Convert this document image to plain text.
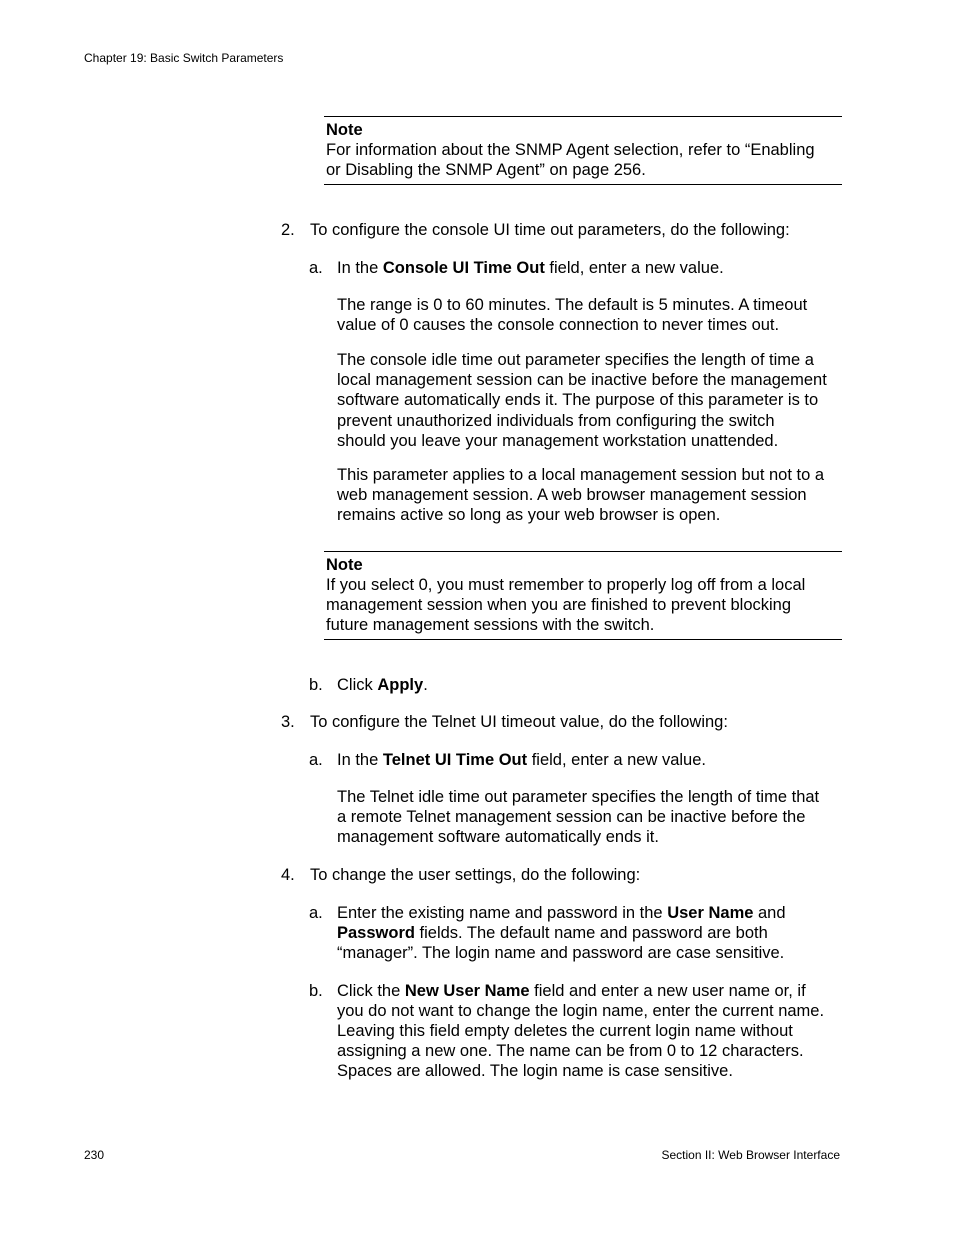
Chapter 19: Basic Switch Parameters
Note
For information about the SNMP Agent selection, refer to “Enabling
or Disabling the SNMP Agent” on page 256.
2. To configure the console UI time out parameters, do the following:
a. In the Console UI Time Out field, enter a new value.
The range is 0 to 60 minutes. The default is 5 minutes. A timeout
value of 0 causes the console connection to never times out.
The console idle time out parameter specifies the length of time a
local management session can be inactive before the management
software automatically ends it. The purpose of this parameter is to
prevent unauthorized individuals from configuring the switch
should you leave your management workstation unattended.
This parameter applies to a local management session but not to a
web management session. A web browser management session
remains active so long as your web browser is open.
Note
If you select 0, you must remember to properly log off from a local
management session when you are finished to prevent blocking
future management sessions with the switch.
b. Click Apply.
3. To configure the Telnet UI timeout value, do the following:
a. In the Telnet UI Time Out field, enter a new value.
The Telnet idle time out parameter specifies the length of time that
a remote Telnet management session can be inactive before the
management software automatically ends it.
4. To change the user settings, do the following:
a. Enter the existing name and password in the User Name and
Password fields. The default name and password are both
“manager”. The login name and password are case sensitive.
b. Click the New User Name field and enter a new user name or, if
you do not want to change the login name, enter the current name.
Leaving this field empty deletes the current login name without
assigning a new one. The name can be from 0 to 12 characters.
Spaces are allowed. The login name is case sensitive.
230	Section II: Web Browser Interface
